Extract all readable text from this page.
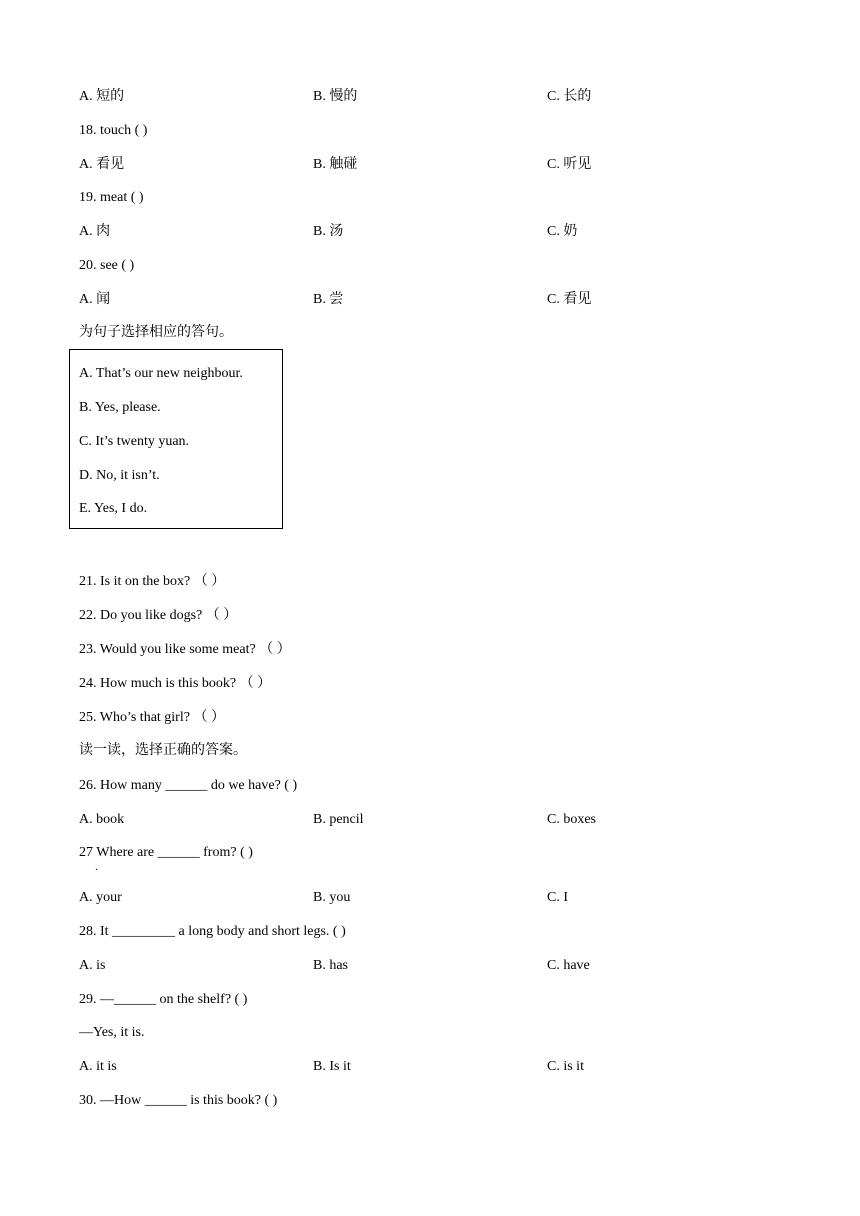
A. 短的	B. 慢的	C. 长的
18. touch ( )
A. 看见	B. 触碰	C. 听见
19. meat ( )
A. 肉	B. 汤	C. 奶
20. see ( )
A. 闻	B. 尝	C. 看见
为句子选择相应的答句。
A. That’s our new neighbour.
B. Yes, please.
C. It’s twenty yuan.
D. No, it isn’t.
E. Yes, I do.
21. Is it on the box? （ ）
22. Do you like dogs? （ ）
23. Would you like some meat? （ ）
24. How much is this book? （ ）
25. Who’s that girl? （ ）
读一读，选择正确的答案。
26. How many ______ do we have? ( )
A. book	B. pencil	C. boxes
27 Where are ______ from? ( )
.
A. your	B. you	C. I
28. It _________ a long body and short legs. ( )
A. is	B. has	C. have
29. —______ on the shelf? ( )
—Yes, it is.
A. it is	B. Is it	C. is it
30. —How ______ is this book? ( )
